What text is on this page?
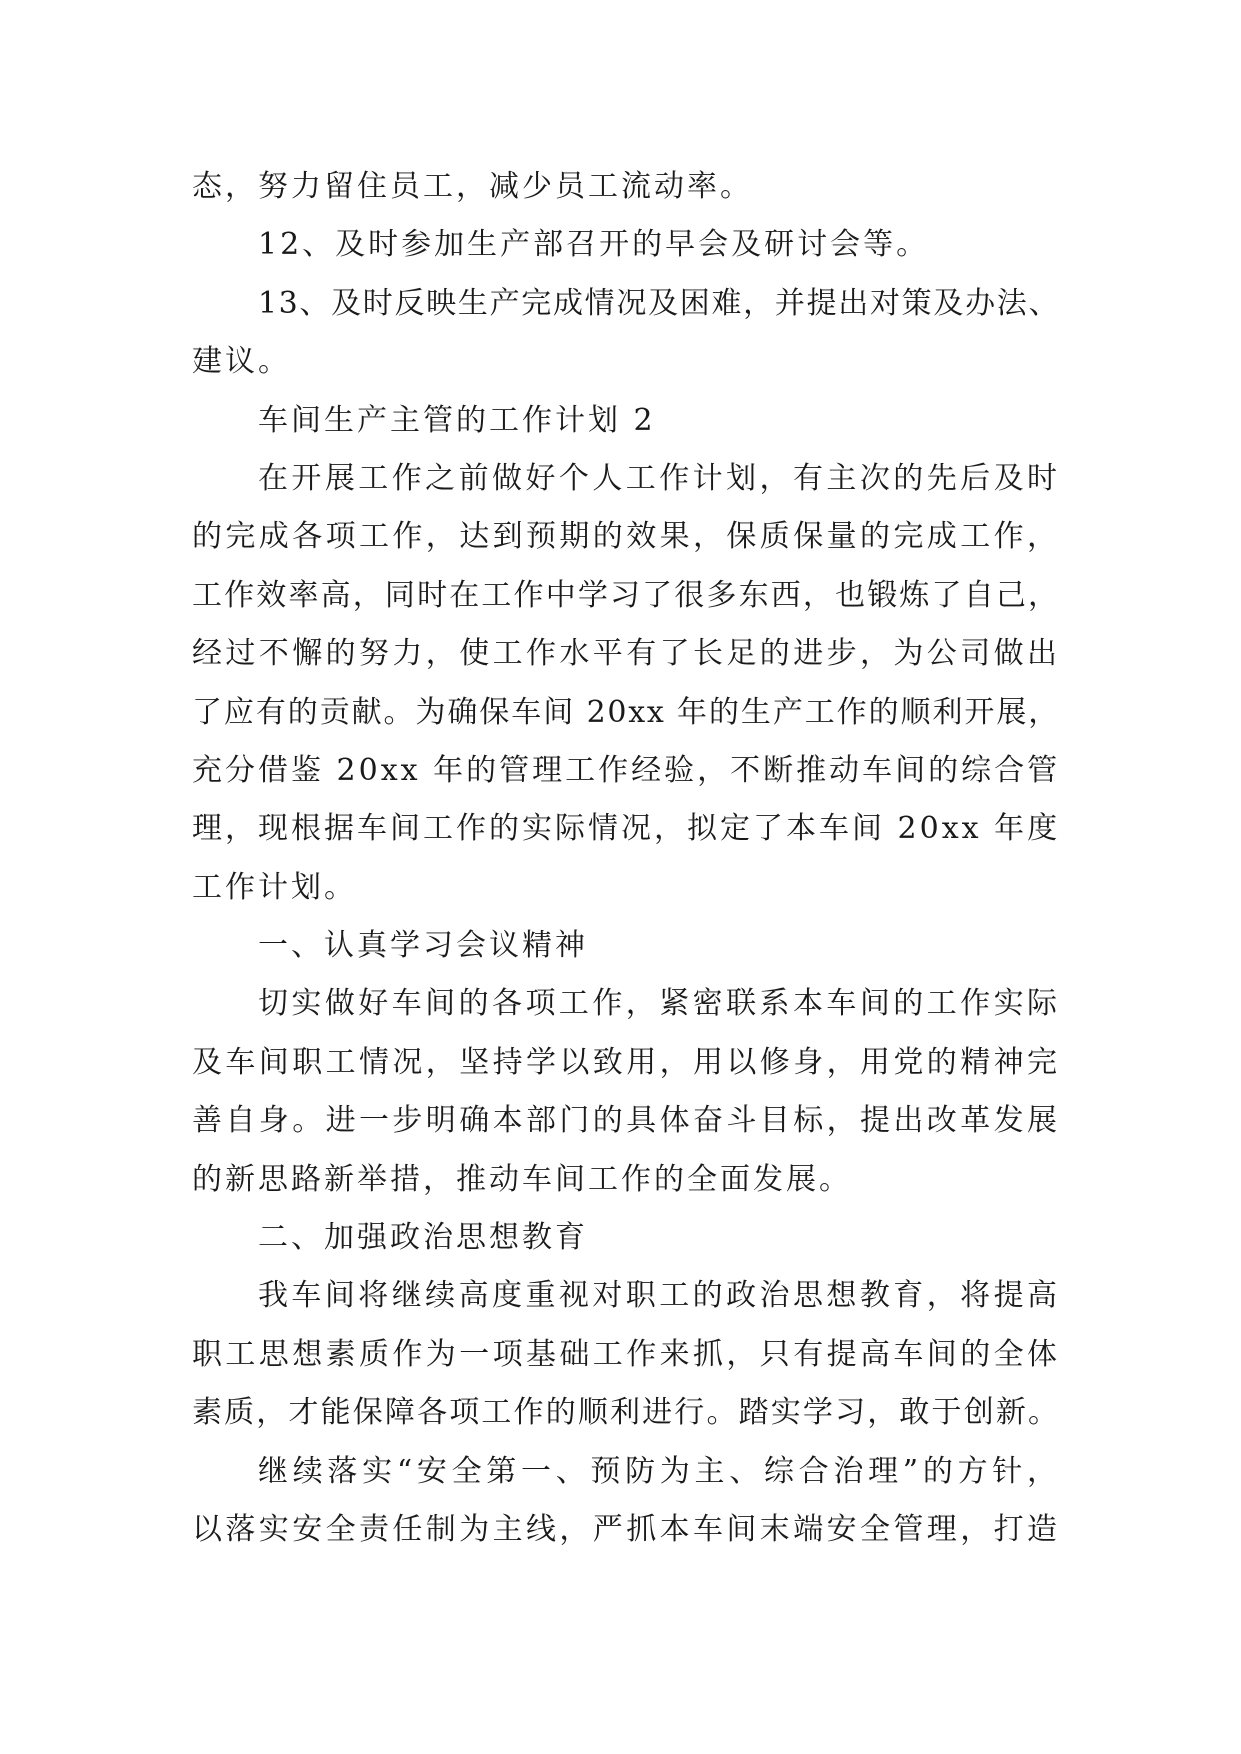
态，努力留住员工，减少员工流动率。
12、及时参加生产部召开的早会及研讨会等。
13、及时反映生产完成情况及困难，并提出对策及办法、
建议。
车间生产主管的工作计划 2
在开展工作之前做好个人工作计划，有主次的先后及时
的完成各项工作，达到预期的效果，保质保量的完成工作，
工作效率高，同时在工作中学习了很多东西，也锻炼了自己，
经过不懈的努力，使工作水平有了长足的进步，为公司做出
了应有的贡献。为确保车间 20xx 年的生产工作的顺利开展，
充分借鉴 20xx 年的管理工作经验，不断推动车间的综合管
理，现根据车间工作的实际情况，拟定了本车间 20xx 年度
工作计划。
一、认真学习会议精神
切实做好车间的各项工作，紧密联系本车间的工作实际
及车间职工情况，坚持学以致用，用以修身，用党的精神完
善自身。进一步明确本部门的具体奋斗目标，提出改革发展
的新思路新举措，推动车间工作的全面发展。
二、加强政治思想教育
我车间将继续高度重视对职工的政治思想教育，将提高
职工思想素质作为一项基础工作来抓，只有提高车间的全体
素质，才能保障各项工作的顺利进行。踏实学习，敢于创新。
继续落实“安全第一、预防为主、综合治理”的方针，
以落实安全责任制为主线，严抓本车间末端安全管理，打造
